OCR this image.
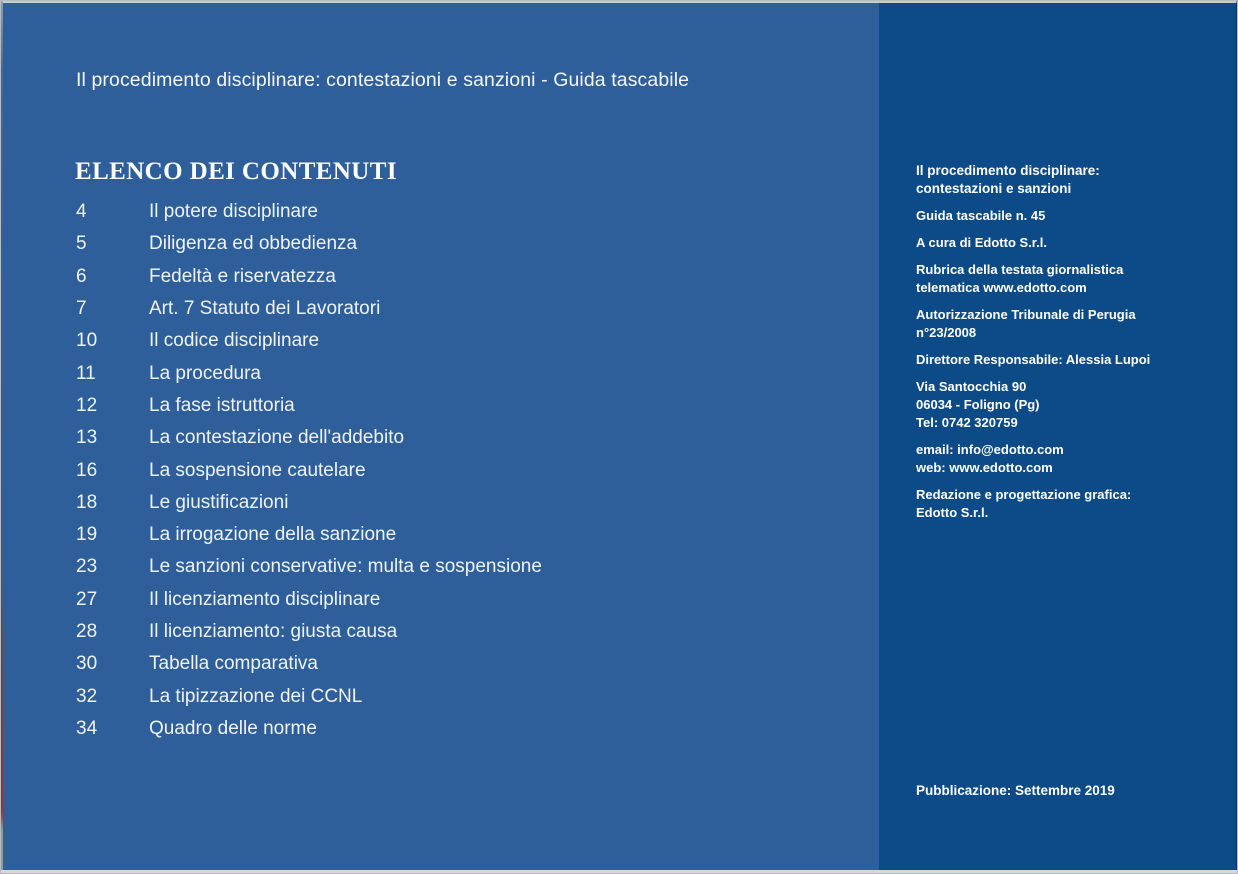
Il procedimento disciplinare: contestazioni e sanzioni - Guida tascabile
ELENCO DEI CONTENUTI
4	Il potere disciplinare
5	Diligenza ed obbedienza
6	Fedeltà e riservatezza
7	Art. 7 Statuto dei Lavoratori
10	Il codice disciplinare
11	La procedura
12	La fase istruttoria
13	La contestazione dell'addebito
16	La sospensione cautelare
18	Le giustificazioni
19	La irrogazione della sanzione
23	Le sanzioni conservative: multa e sospensione
27	Il licenziamento disciplinare
28	Il licenziamento: giusta causa
30	Tabella comparativa
32	La tipizzazione dei CCNL
34	Quadro delle norme
Il procedimento disciplinare:
contestazioni e sanzioni
Guida tascabile n. 45
A cura di Edotto S.r.l.
Rubrica della testata giornalistica
telematica www.edotto.com
Autorizzazione Tribunale di Perugia
n°23/2008
Direttore Responsabile: Alessia Lupoi
Via Santocchia 90
06034 - Foligno (Pg)
Tel: 0742 320759
email: info@edotto.com
web: www.edotto.com
Redazione e progettazione grafica:
Edotto S.r.l.
Pubblicazione: Settembre 2019
